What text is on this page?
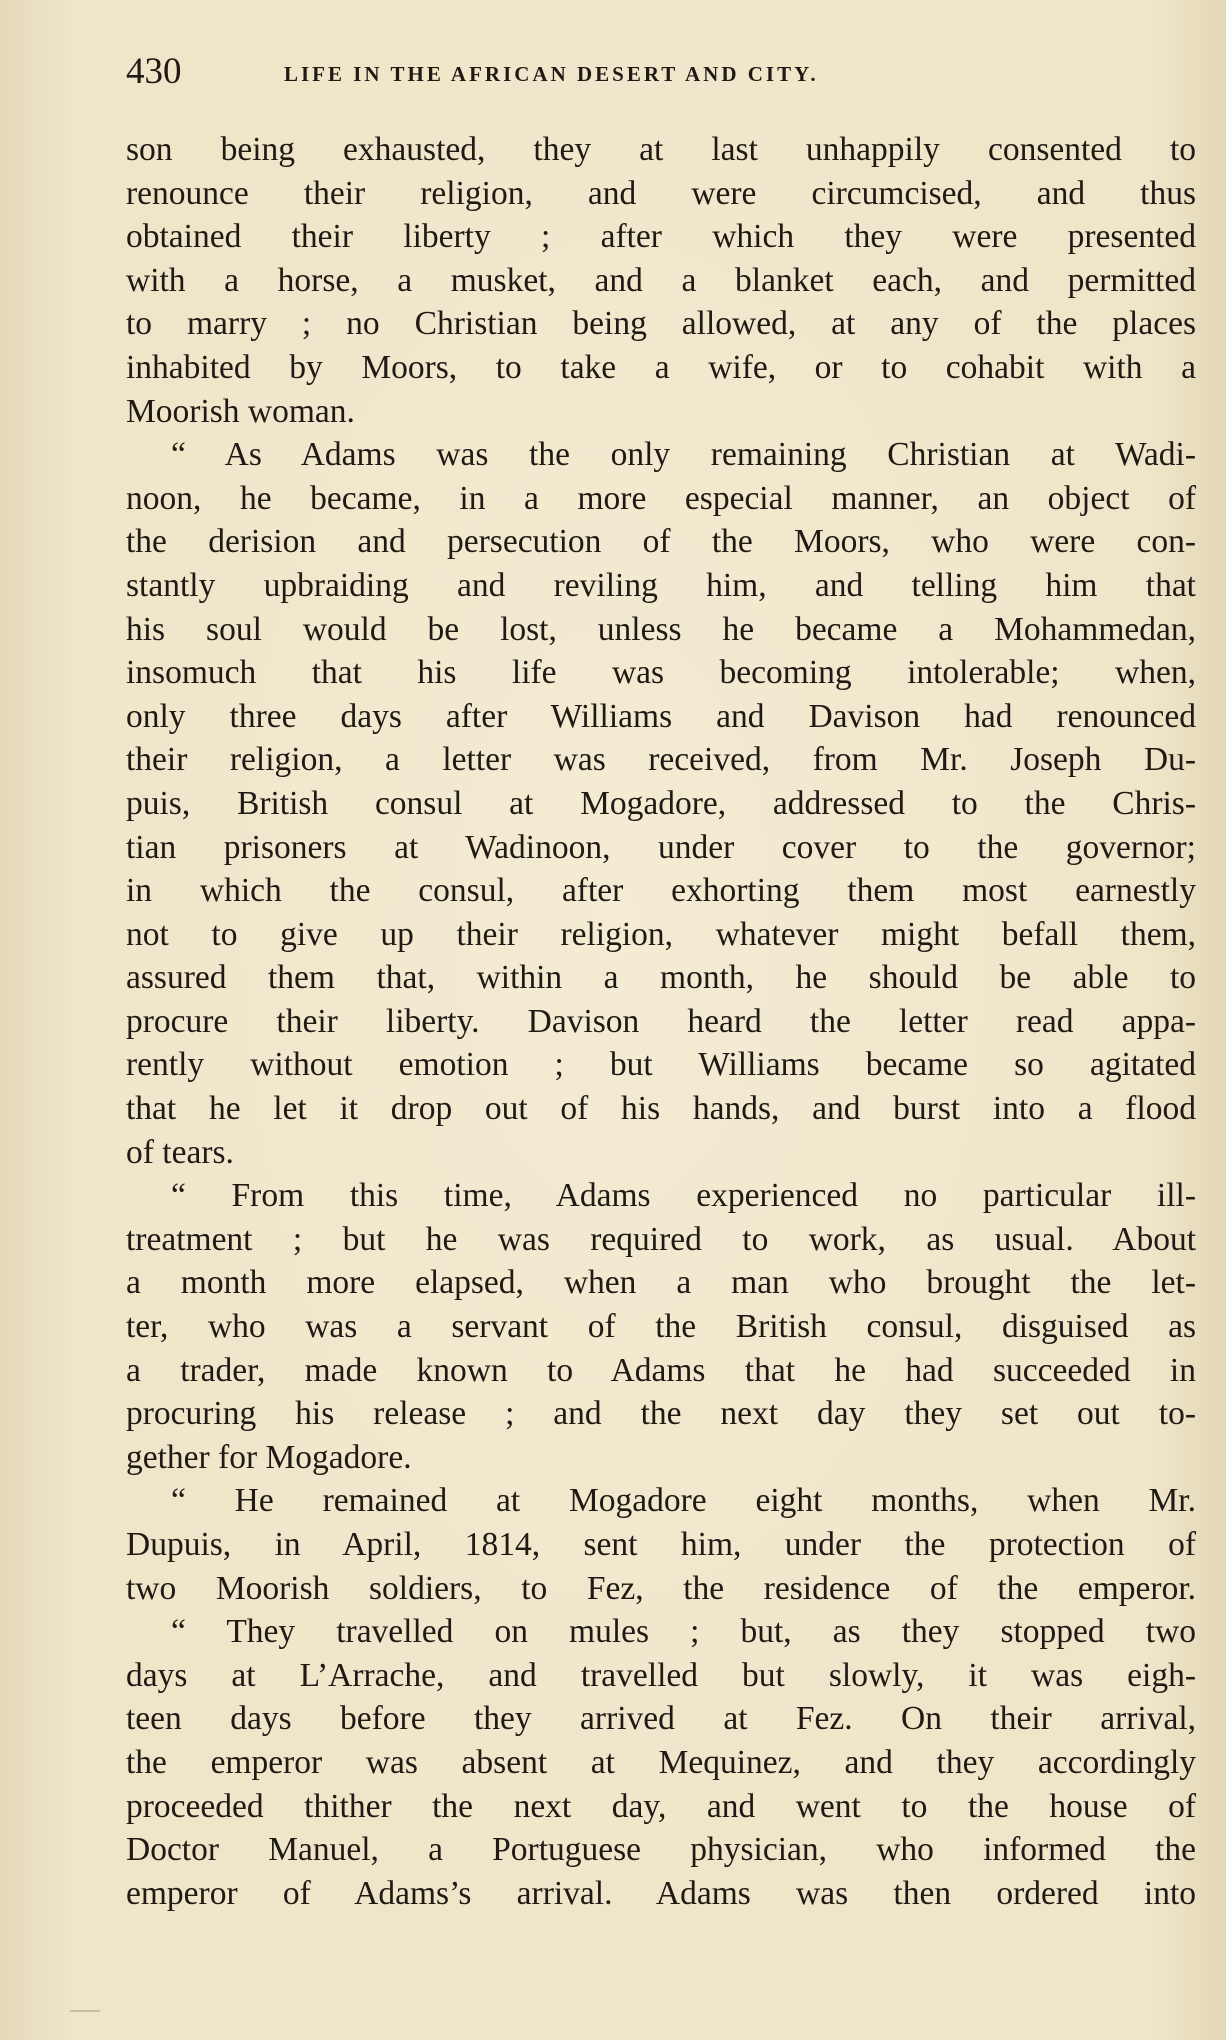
430	LIFE IN THE AFRICAN DESERT AND CITY.
son being exhausted, they at last unhappily consented to
renounce their religion, and were circumcised, and thus
obtained their liberty ; after which they were presented
with a horse, a musket, and a blanket each, and permitted
to marry ; no Christian being allowed, at any of the places
inhabited by Moors, to take a wife, or to cohabit with a
Moorish woman.
“ As Adams was the only remaining Christian at Wadi-
noon, he became, in a more especial manner, an object of
the derision and persecution of the Moors, who were con-
stantly upbraiding and reviling him, and telling him that
his soul would be lost, unless he became a Mohammedan,
insomuch that his life was becoming intolerable; when,
only three days after Williams and Davison had renounced
their religion, a letter was received, from Mr. Joseph Du-
puis, British consul at Mogadore, addressed to the Chris-
tian prisoners at Wadinoon, under cover to the governor;
in which the consul, after exhorting them most earnestly
not to give up their religion, whatever might befall them,
assured them that, within a month, he should be able to
procure their liberty. Davison heard the letter read appa-
rently without emotion ; but Williams became so agitated
that he let it drop out of his hands, and burst into a flood
of tears.
“ From this time, Adams experienced no particular ill-
treatment ; but he was required to work, as usual. About
a month more elapsed, when a man who brought the let-
ter, who was a servant of the British consul, disguised as
a trader, made known to Adams that he had succeeded in
procuring his release ; and the next day they set out to-
gether for Mogadore.
“ He remained at Mogadore eight months, when Mr.
Dupuis, in April, 1814, sent him, under the protection of
two Moorish soldiers, to Fez, the residence of the emperor.
“ They travelled on mules ; but, as they stopped two
days at L’Arrache, and travelled but slowly, it was eigh-
teen days before they arrived at Fez. On their arrival,
the emperor was absent at Mequinez, and they accordingly
proceeded thither the next day, and went to the house of
Doctor Manuel, a Portuguese physician, who informed the
emperor of Adams’s arrival. Adams was then ordered into
